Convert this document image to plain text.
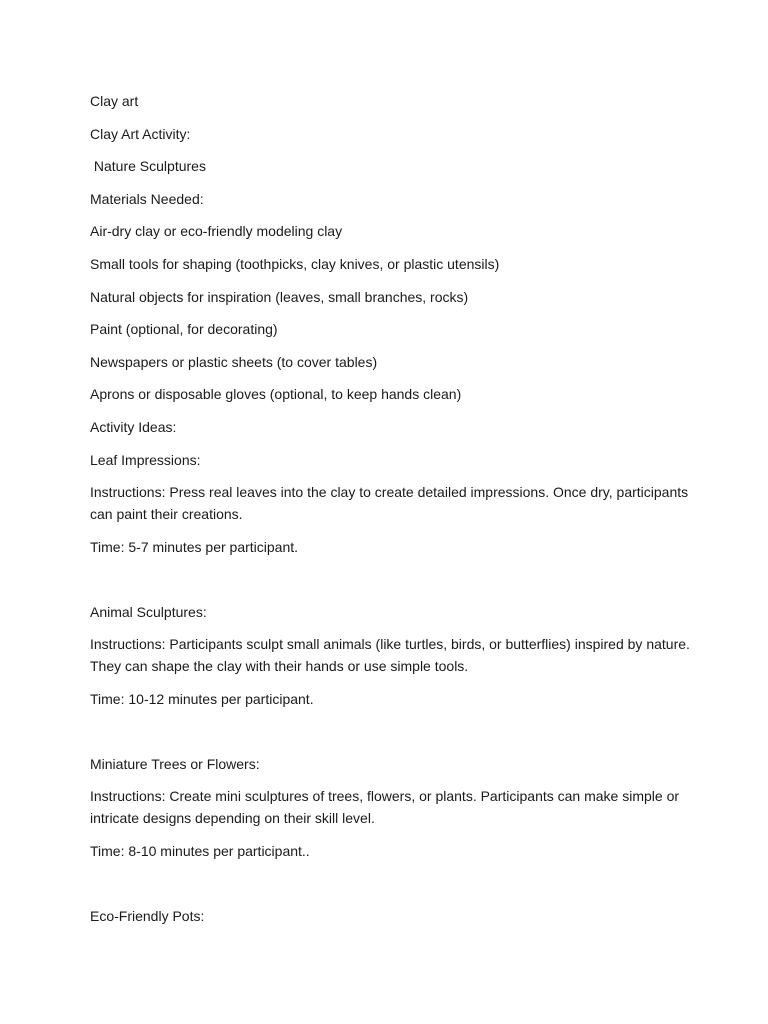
Clay art

Clay Art Activity:

Nature Sculptures

Materials Needed:

Air-dry clay or eco-friendly modeling clay

Small tools for shaping (toothpicks, clay knives, or plastic utensils)

Natural objects for inspiration (leaves, small branches, rocks)

Paint (optional, for decorating)

Newspapers or plastic sheets (to cover tables)

Aprons or disposable gloves (optional, to keep hands clean)

Activity Ideas:

Leaf Impressions:

Instructions: Press real leaves into the clay to create detailed impressions. Once dry, participants can paint their creations.

Time: 5-7 minutes per participant.

Animal Sculptures:

Instructions: Participants sculpt small animals (like turtles, birds, or butterflies) inspired by nature. They can shape the clay with their hands or use simple tools.

Time: 10-12 minutes per participant.

Miniature Trees or Flowers:

Instructions: Create mini sculptures of trees, flowers, or plants. Participants can make simple or intricate designs depending on their skill level.

Time: 8-10 minutes per participant..

Eco-Friendly Pots:
